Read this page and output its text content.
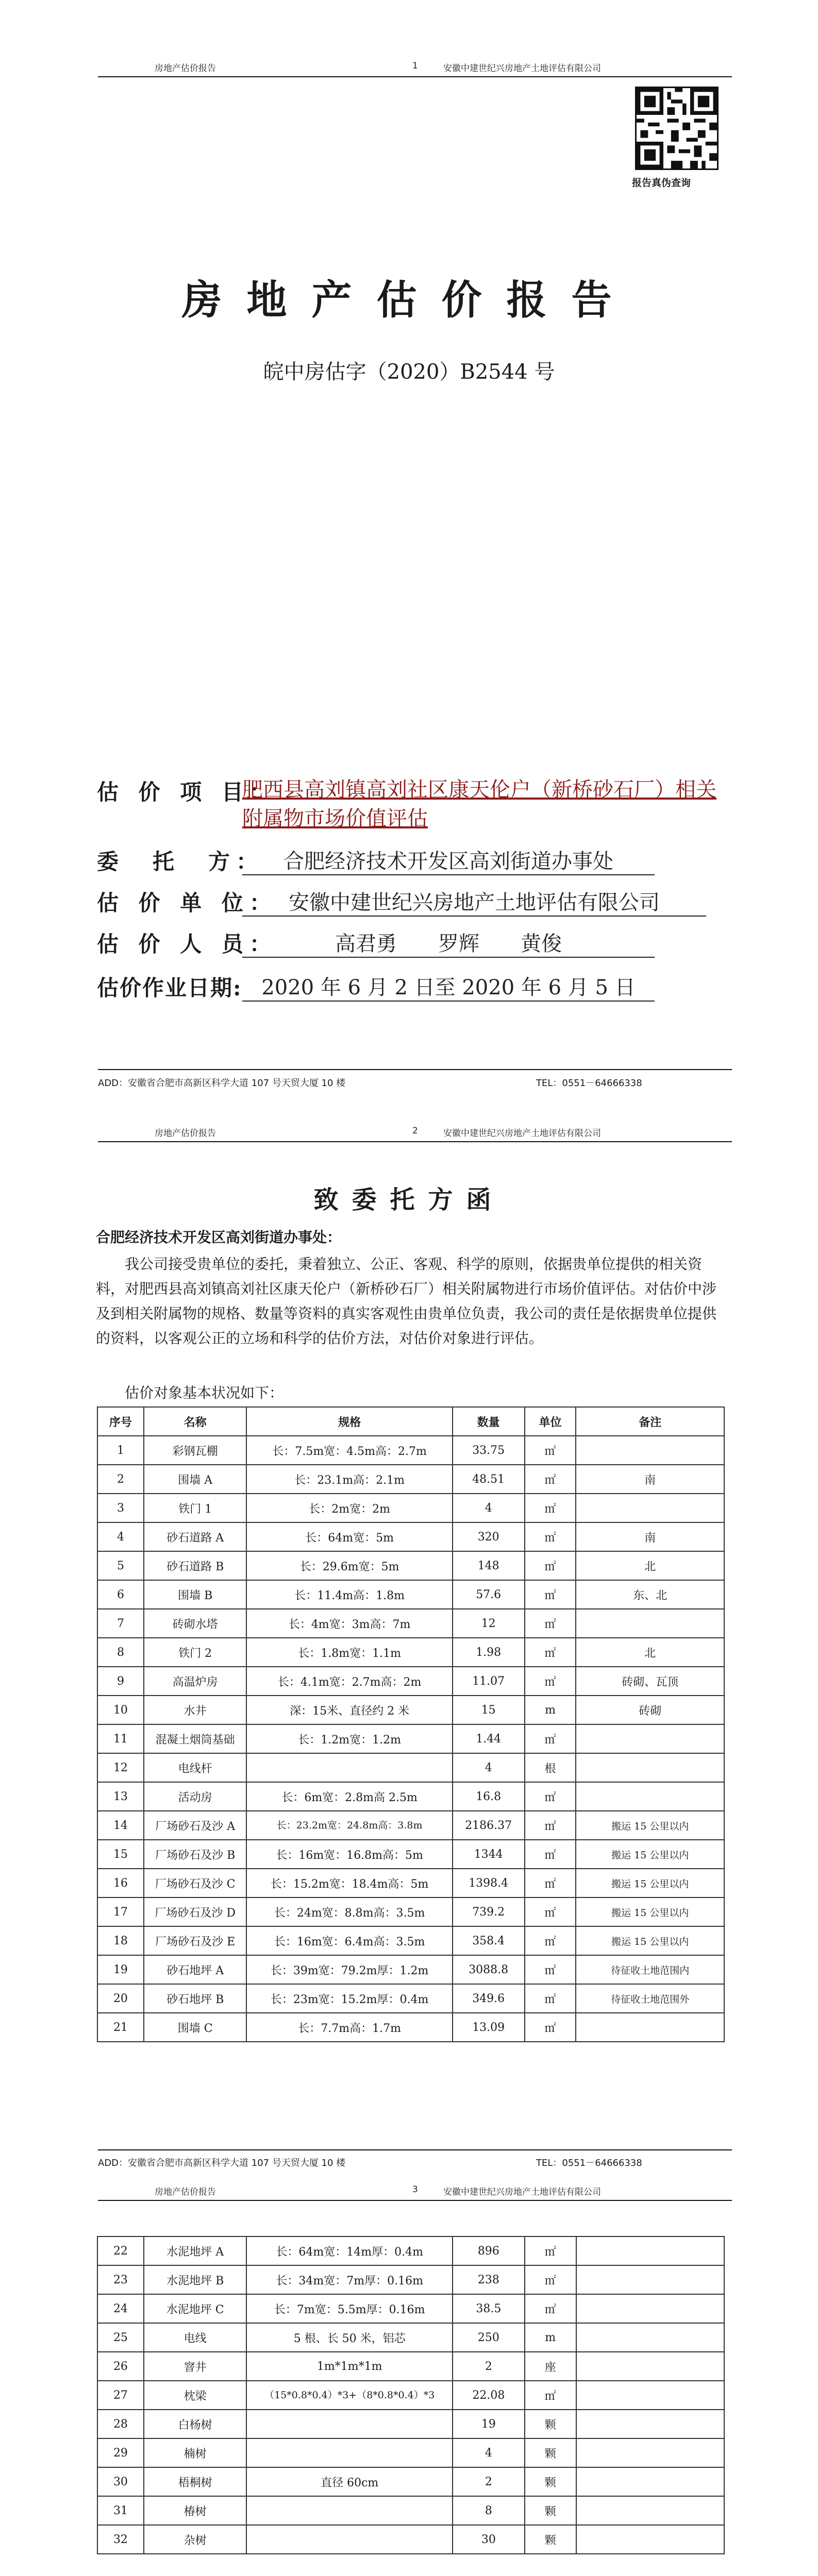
房地产估价报告	1	安徽中建世纪兴房地产土地评估有限公司
报告真伪查询
房地产估价报告
皖中房估字（2020）B2544 号
估 价 项 目：
肥西县高刘镇高刘社区康天伦户（新桥砂石厂）相关附属物市场价值评估
委　托　方： 合肥经济技术开发区高刘街道办事处
估 价 单 位： 安徽中建世纪兴房地产土地评估有限公司
估 价 人 员：	高君勇　　罗辉　　黄俊
估价作业日期: 2020 年 6 月 2 日至 2020 年 6 月 5 日
ADD：安徽省合肥市高新区科学大道 107 号天贸大厦 10 楼	TEL：0551－64666338
房地产估价报告	2	安徽中建世纪兴房地产土地评估有限公司
致委托方函
合肥经济技术开发区高刘街道办事处：
我公司接受贵单位的委托，秉着独立、公正、客观、科学的原则，依据贵单位提供的相关资料，对肥西县高刘镇高刘社区康天伦户（新桥砂石厂）相关附属物进行市场价值评估。对估价中涉及到相关附属物的规格、数量等资料的真实客观性由贵单位负责，我公司的责任是依据贵单位提供的资料，以客观公正的立场和科学的估价方法，对估价对象进行评估。
估价对象基本状况如下：
序号	名称	规格	数量	单位	备注
1	彩钢瓦棚	长：7.5m宽：4.5m高：2.7m	33.75	㎡	
2	围墙 A	长：23.1m高：2.1m	48.51	㎡	南
3	铁门 1	长：2m宽：2m	4	㎡	
4	砂石道路 A	长：64m宽：5m	320	㎡	南
5	砂石道路 B	长：29.6m宽：5m	148	㎡	北
6	围墙 B	长：11.4m高：1.8m	57.6	㎡	东、北
7	砖砌水塔	长：4m宽：3m高：7m	12	㎡	
8	铁门 2	长：1.8m宽：1.1m	1.98	㎡	北
9	高温炉房	长：4.1m宽：2.7m高：2m	11.07	㎡	砖砌、瓦顶
10	水井	深：15米、直径约 2 米	15	m	砖砌
11	混凝土烟筒基础	长：1.2m宽：1.2m	1.44	㎡	
12	电线杆		4	根	
13	活动房	长：6m宽：2.8m高 2.5m	16.8	㎡	
14	厂场砂石及沙 A	长：23.2m宽：24.8m高：3.8m	2186.37	㎡	搬运 15 公里以内
15	厂场砂石及沙 B	长：16m宽：16.8m高：5m	1344	㎡	搬运 15 公里以内
16	厂场砂石及沙 C	长：15.2m宽：18.4m高：5m	1398.4	㎡	搬运 15 公里以内
17	厂场砂石及沙 D	长：24m宽：8.8m高：3.5m	739.2	㎡	搬运 15 公里以内
18	厂场砂石及沙 E	长：16m宽：6.4m高：3.5m	358.4	㎡	搬运 15 公里以内
19	砂石地坪 A	长：39m宽：79.2m厚：1.2m	3088.8	㎡	待征收土地范围内
20	砂石地坪 B	长：23m宽：15.2m厚：0.4m	349.6	㎡	待征收土地范围外
21	围墙 C	长：7.7m高：1.7m	13.09	㎡	
ADD：安徽省合肥市高新区科学大道 107 号天贸大厦 10 楼	TEL：0551－64666338
房地产估价报告	3	安徽中建世纪兴房地产土地评估有限公司
22	水泥地坪 A	长：64m宽：14m厚：0.4m	896	㎡	
23	水泥地坪 B	长：34m宽：7m厚：0.16m	238	㎡	
24	水泥地坪 C	长：7m宽：5.5m厚：0.16m	38.5	㎡	
25	电线	5 根、长 50 米，铝芯	250	m	
26	窨井	1m*1m*1m	2	座	
27	枕梁	（15*0.8*0.4）*3+（8*0.8*0.4）*3	22.08	㎡	
28	白杨树		19	颗	
29	楠树		4	颗	
30	梧桐树	直径 60cm	2	颗	
31	椿树		8	颗	
32	杂树		30	颗	
